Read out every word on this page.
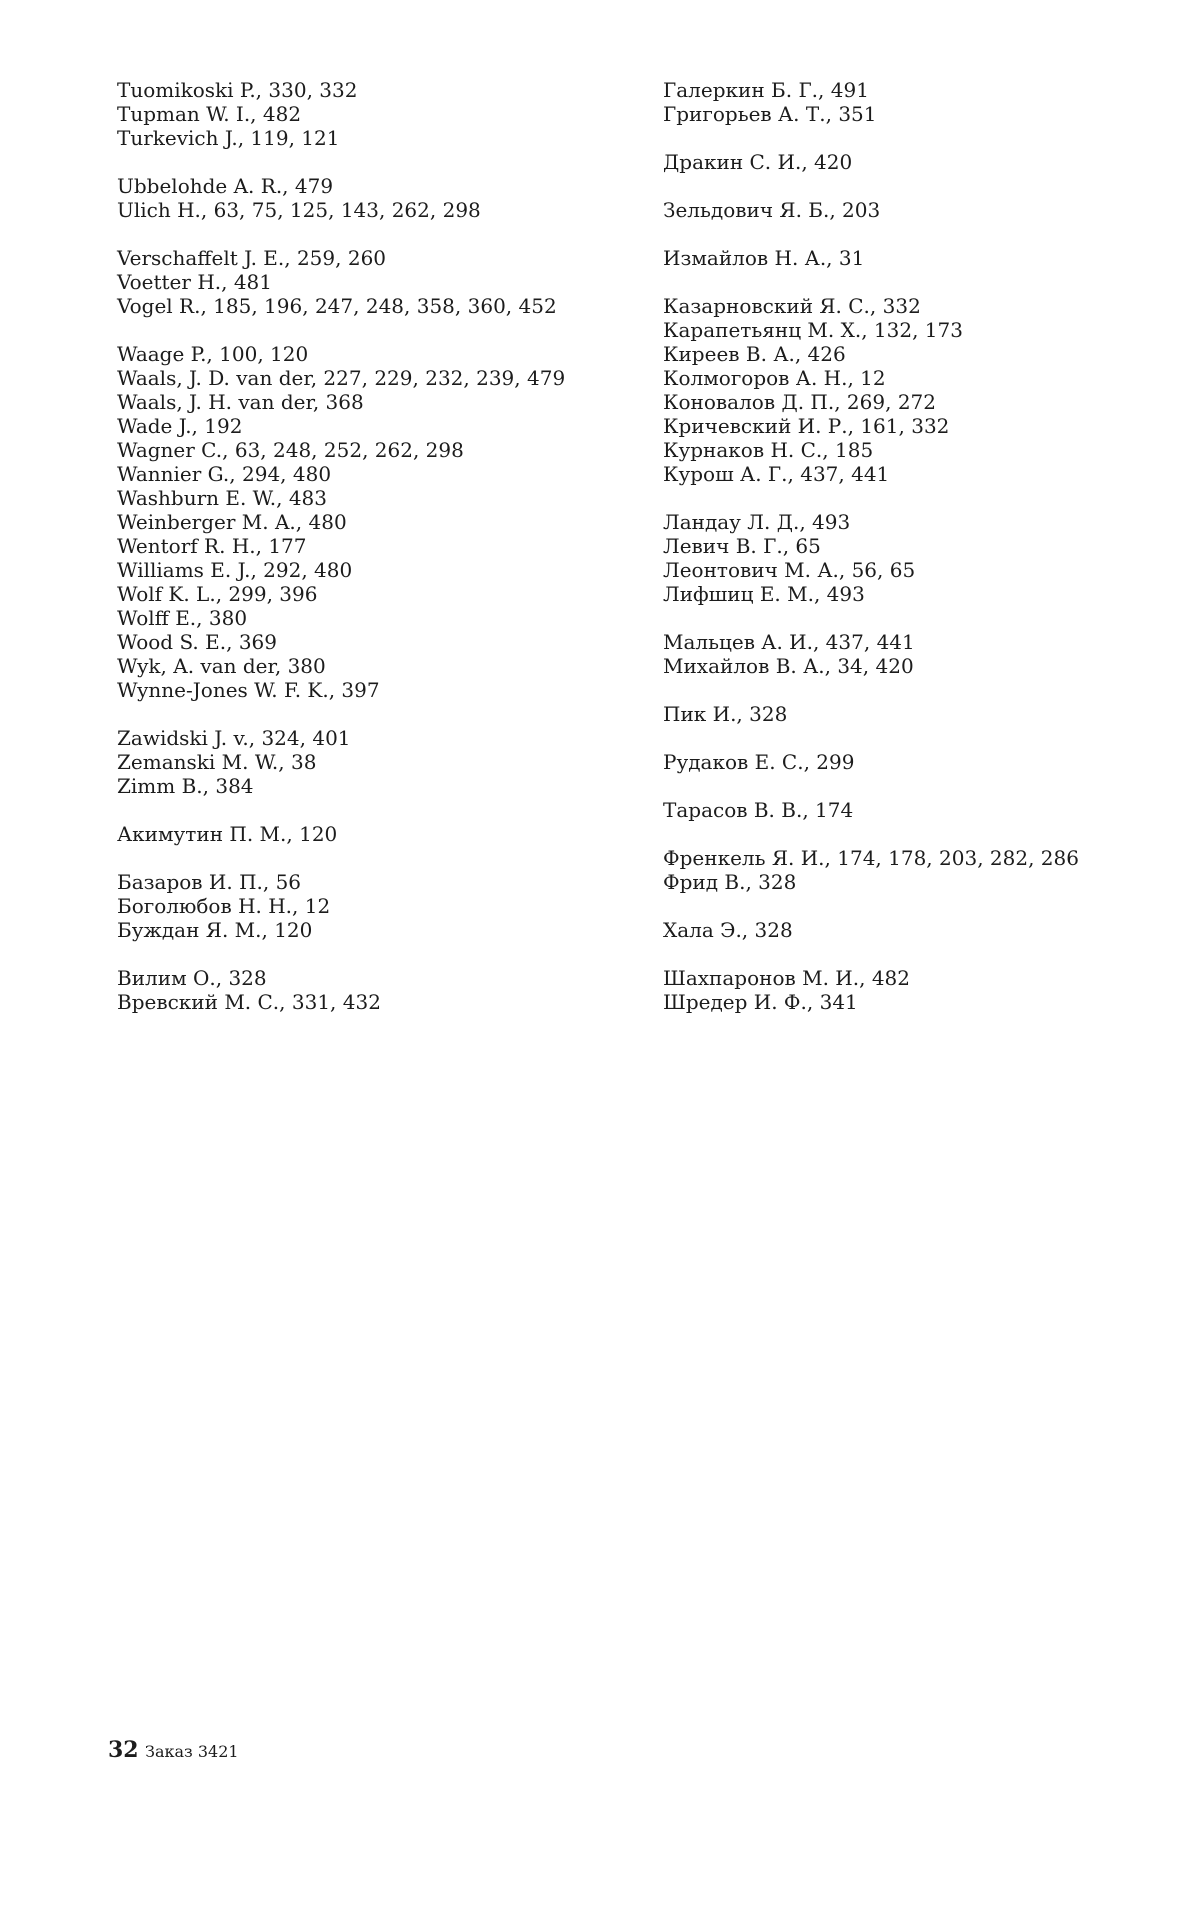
Tuomikoski P., 330, 332
Tupman W. I., 482
Turkevich J., 119, 121
Ubbelohde A. R., 479
Ulich H., 63, 75, 125, 143, 262, 298
Verschaffelt J. E., 259, 260
Voetter H., 481
Vogel R., 185, 196, 247, 248, 358, 360, 452
Waage P., 100, 120
Waals, J. D. van der, 227, 229, 232, 239, 479
Waals, J. H. van der, 368
Wade J., 192
Wagner C., 63, 248, 252, 262, 298
Wannier G., 294, 480
Washburn E. W., 483
Weinberger M. A., 480
Wentorf R. H., 177
Williams E. J., 292, 480
Wolf K. L., 299, 396
Wolff E., 380
Wood S. E., 369
Wyk, A. van der, 380
Wynne-Jones W. F. K., 397
Zawidski J. v., 324, 401
Zemanski M. W., 38
Zimm B., 384
Акимутин П. М., 120
Базаров И. П., 56
Боголюбов Н. Н., 12
Буждан Я. М., 120
Вилим О., 328
Вревский М. С., 331, 432
Галеркин Б. Г., 491
Григорьев А. Т., 351
Дракин С. И., 420
Зельдович Я. Б., 203
Измайлов Н. А., 31
Казарновский Я. С., 332
Карапетьянц М. Х., 132, 173
Киреев В. А., 426
Колмогоров А. Н., 12
Коновалов Д. П., 269, 272
Кричевский И. Р., 161, 332
Курнаков Н. С., 185
Курош А. Г., 437, 441
Ландау Л. Д., 493
Левич В. Г., 65
Леонтович М. А., 56, 65
Лифшиц Е. М., 493
Мальцев А. И., 437, 441
Михайлов В. А., 34, 420
Пик И., 328
Рудаков Е. С., 299
Тарасов В. В., 174
Френкель Я. И., 174, 178, 203, 282, 286
Фрид В., 328
Хала Э., 328
Шахпаронов М. И., 482
Шредер И. Ф., 341
32 Заказ 3421
